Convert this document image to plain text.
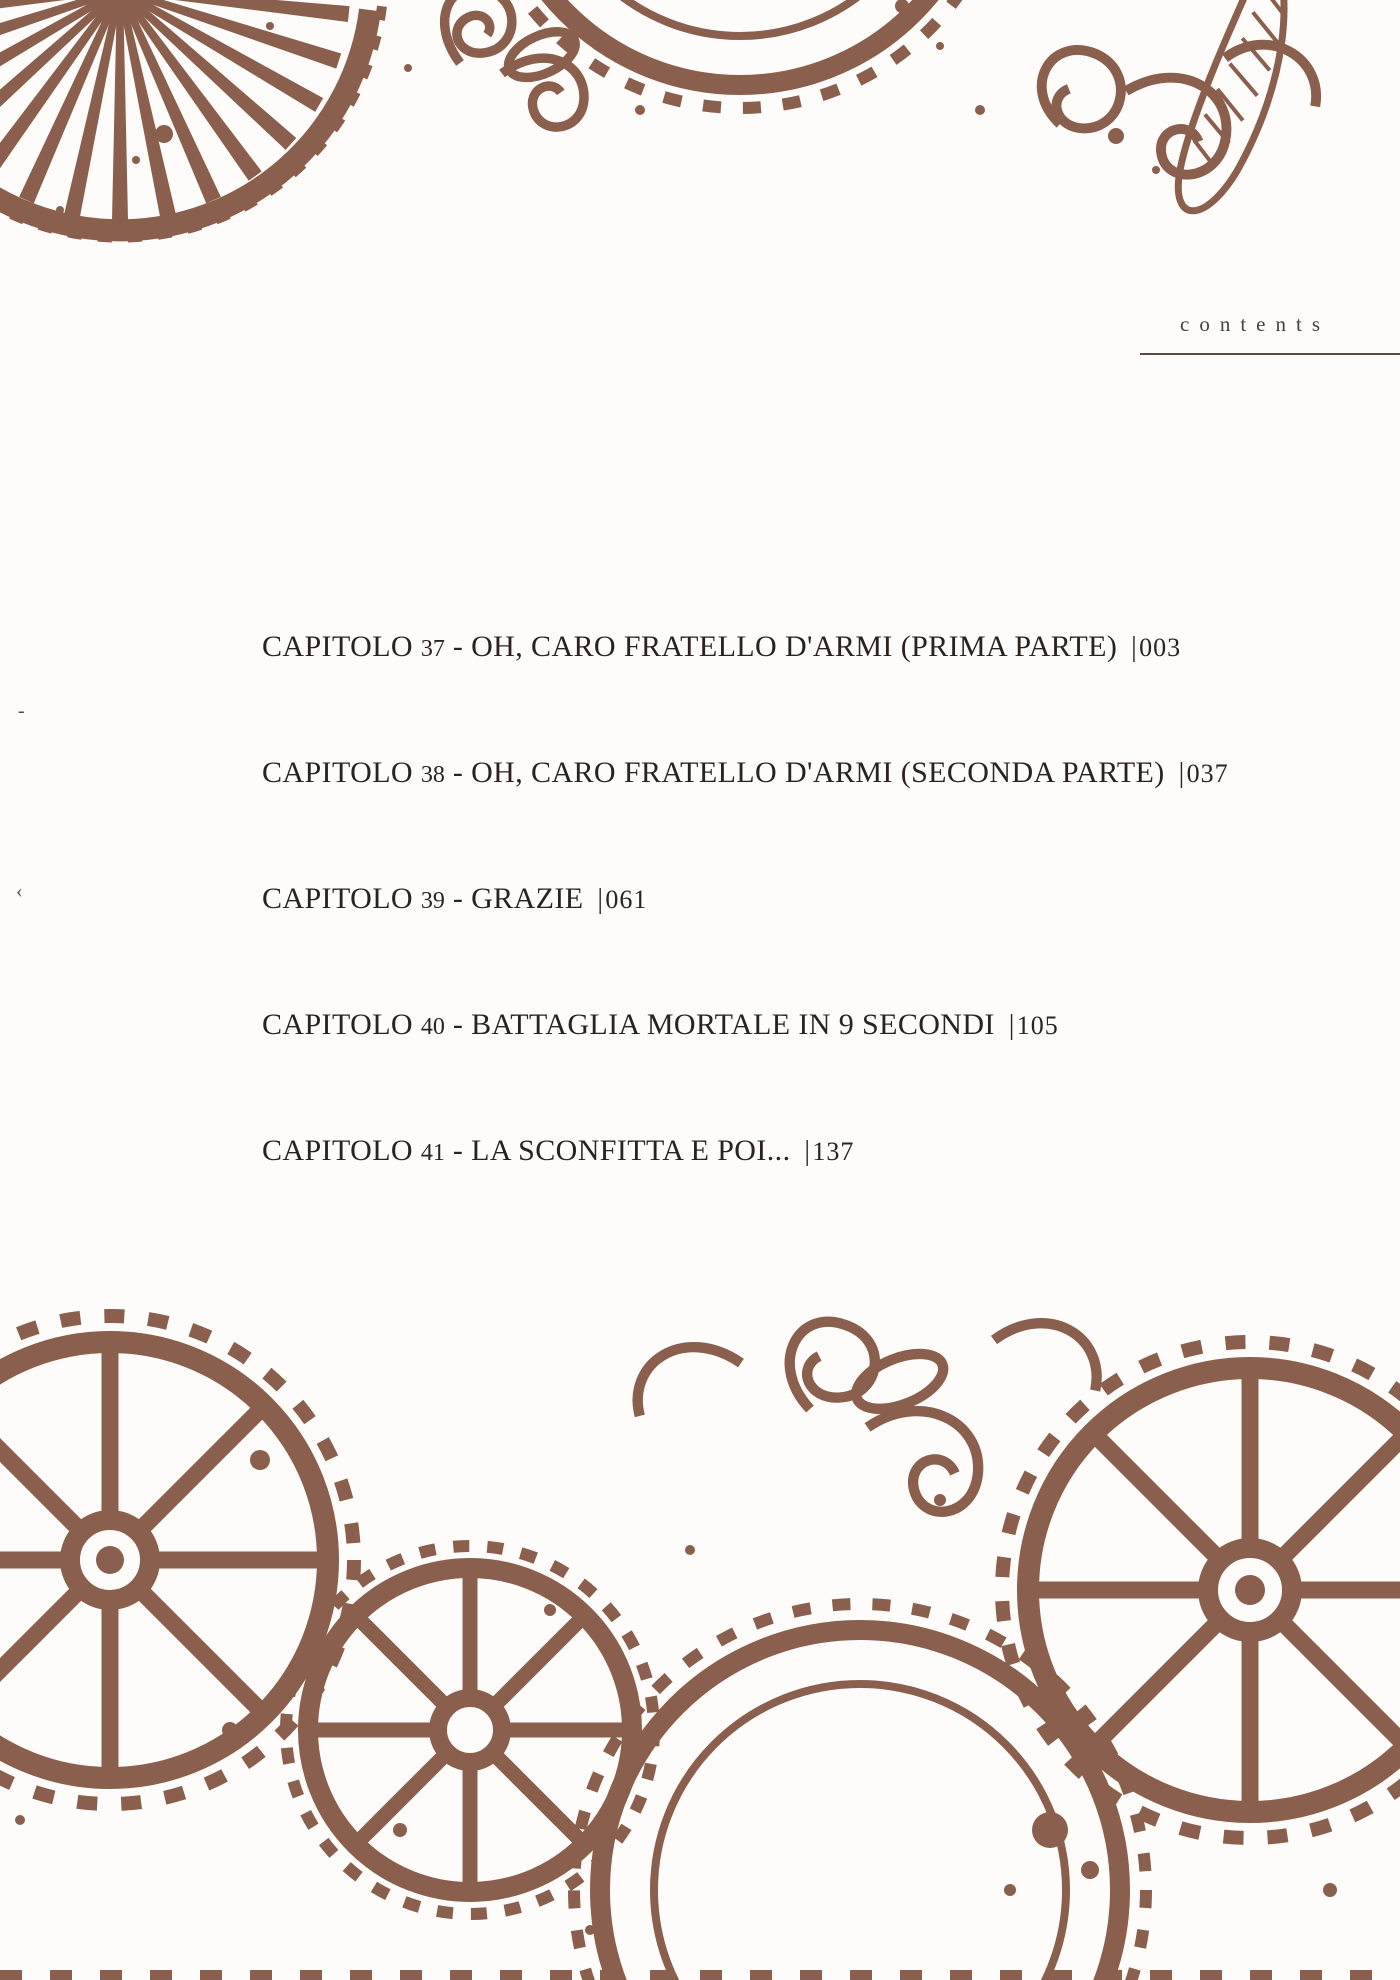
contents
-
‹
CAPITOLO 37 - OH, CARO FRATELLO D'ARMI (PRIMA PARTE) |003
CAPITOLO 38 - OH, CARO FRATELLO D'ARMI (SECONDA PARTE) |037
CAPITOLO 39 - GRAZIE |061
CAPITOLO 40 - BATTAGLIA MORTALE IN 9 SECONDI |105
CAPITOLO 41 - LA SCONFITTA E POI... |137
